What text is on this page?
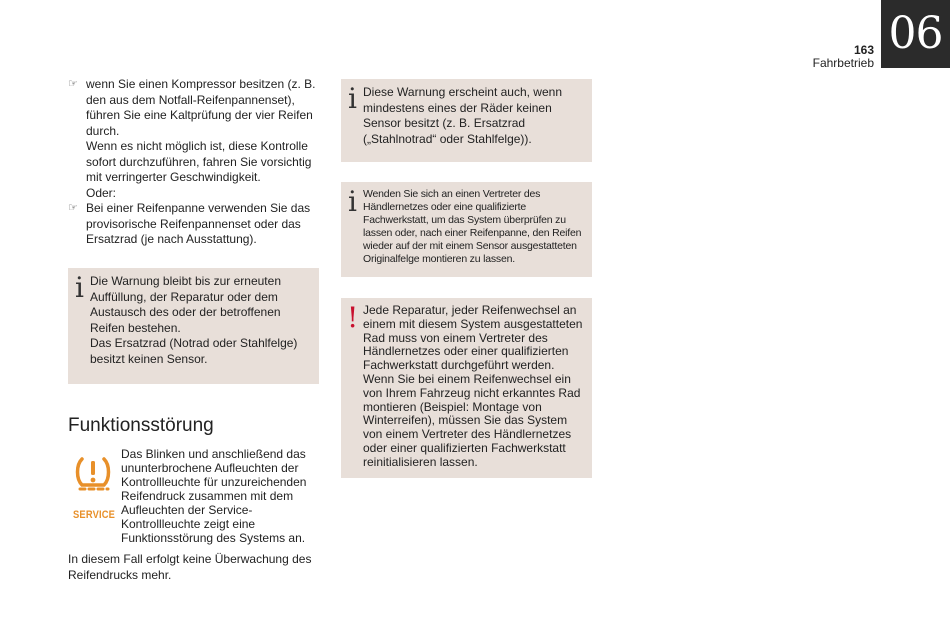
06
163
Fahrbetrieb
☞ wenn Sie einen Kompressor besitzen (z. B. den aus dem Notfall-Reifenpannenset), führen Sie eine Kaltprüfung der vier Reifen durch.

Wenn es nicht möglich ist, diese Kontrolle sofort durchzuführen, fahren Sie vorsichtig mit verringerter Geschwindigkeit.

Oder:

☞ Bei einer Reifenpanne verwenden Sie das provisorische Reifenpannenset oder das Ersatzrad (je nach Ausstattung).

i Die Warnung bleibt bis zur erneuten Auffüllung, der Reparatur oder dem Austausch des oder der betroffenen Reifen bestehen.

Das Ersatzrad (Notrad oder Stahlfelge) besitzt keinen Sensor.

Funktionsstörung
SERVICE

Das Blinken und anschließend das ununterbrochene Aufleuchten der Kontrollleuchte für unzureichenden Reifendruck zusammen mit dem Aufleuchten der Service-Kontrollleuchte zeigt eine Funktionsstörung des Systems an.

In diesem Fall erfolgt keine Überwachung des Reifendrucks mehr.

i Diese Warnung erscheint auch, wenn mindestens eines der Räder keinen Sensor besitzt (z. B. Ersatzrad („Stahlnotrad“ oder Stahlfelge)).

i Wenden Sie sich an einen Vertreter des Händlernetzes oder eine qualifizierte Fachwerkstatt, um das System überprüfen zu lassen oder, nach einer Reifenpanne, den Reifen wieder auf der mit einem Sensor ausgestatteten Originalfelge montieren zu lassen.

! Jede Reparatur, jeder Reifenwechsel an einem mit diesem System ausgestatteten Rad muss von einem Vertreter des Händlernetzes oder einer qualifizierten Fachwerkstatt durchgeführt werden. Wenn Sie bei einem Reifenwechsel ein von Ihrem Fahrzeug nicht erkanntes Rad montieren (Beispiel: Montage von Winterreifen), müssen Sie das System von einem Vertreter des Händlernetzes oder einer qualifizierten Fachwerkstatt reinitialisieren lassen.
